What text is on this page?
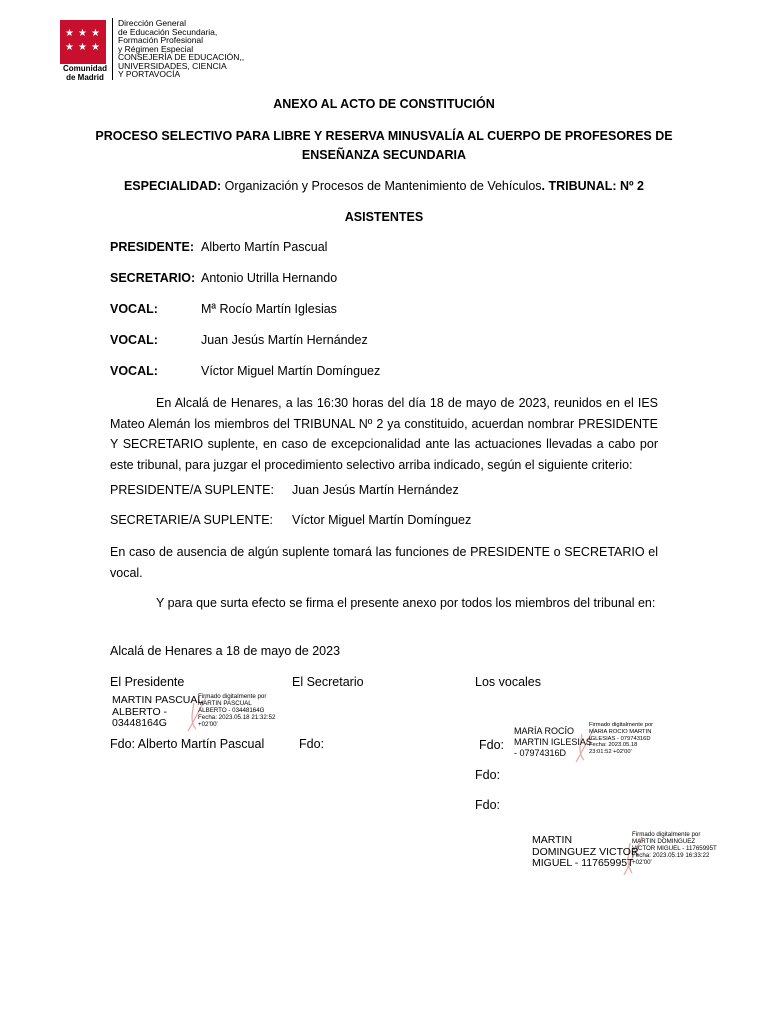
★ ★ ★
★ ★ ★
Comunidad
de Madrid
Dirección General
de Educación Secundaria,
Formación Profesional
y Régimen Especial
CONSEJERÍA DE EDUCACIÓN,,
UNIVERSIDADES, CIENCIA
Y PORTAVOCÍA
ANEXO AL ACTO DE CONSTITUCIÓN
PROCESO SELECTIVO PARA LIBRE Y RESERVA MINUSVALÍA AL CUERPO DE PROFESORES DE
ENSEÑANZA SECUNDARIA
ESPECIALIDAD: Organización y Procesos de Mantenimiento de Vehículos. TRIBUNAL: Nº 2
ASISTENTES
PRESIDENTE: Alberto Martín Pascual
SECRETARIO: Antonio Utrilla Hernando
VOCAL:	Mª Rocío Martín Iglesias
VOCAL:	Juan Jesús Martín Hernández
VOCAL:	Víctor Miguel Martín Domínguez
En Alcalá de Henares, a las 16:30 horas del día 18 de mayo de 2023, reunidos en el IES Mateo Alemán los miembros del TRIBUNAL Nº 2 ya constituido, acuerdan nombrar PRESIDENTE Y SECRETARIO suplente, en caso de excepcionalidad ante las actuaciones llevadas a cabo por este tribunal, para juzgar el procedimiento selectivo arriba indicado, según el siguiente criterio:
PRESIDENTE/A SUPLENTE: Juan Jesús Martín Hernández
SECRETARIE/A SUPLENTE: Víctor Miguel Martín Domínguez
En caso de ausencia de algún suplente tomará las funciones de PRESIDENTE o SECRETARIO el vocal.
Y para que surta efecto se firma el presente anexo por todos los miembros del tribunal en:
Alcalá de Henares a 18 de mayo de 2023
El Presidente	El Secretario	Los vocales
MARTIN PASCUAL
ALBERTO -
03448164G
Firmado digitalmente por
MARTIN PASCUAL
ALBERTO - 03448164G
Fecha: 2023.05.18 21:32:52
+02'00'
Fdo: Alberto Martín Pascual	Fdo:	Fdo:
MARÍA ROCÍO
MARTIN IGLESIAS
- 07974316D
Firmado digitalmente por
MARIA ROCIO MARTIN
IGLESIAS - 07974316D
Fecha: 2023.05.18
23:01:52 +02'00'
Fdo:
Fdo:
MARTIN
DOMINGUEZ VICTOR
MIGUEL - 11765995T
Firmado digitalmente por
MARTIN DOMINGUEZ
VICTOR MIGUEL - 11765995T
Fecha: 2023.05.19 16:33:22
+02'00'
